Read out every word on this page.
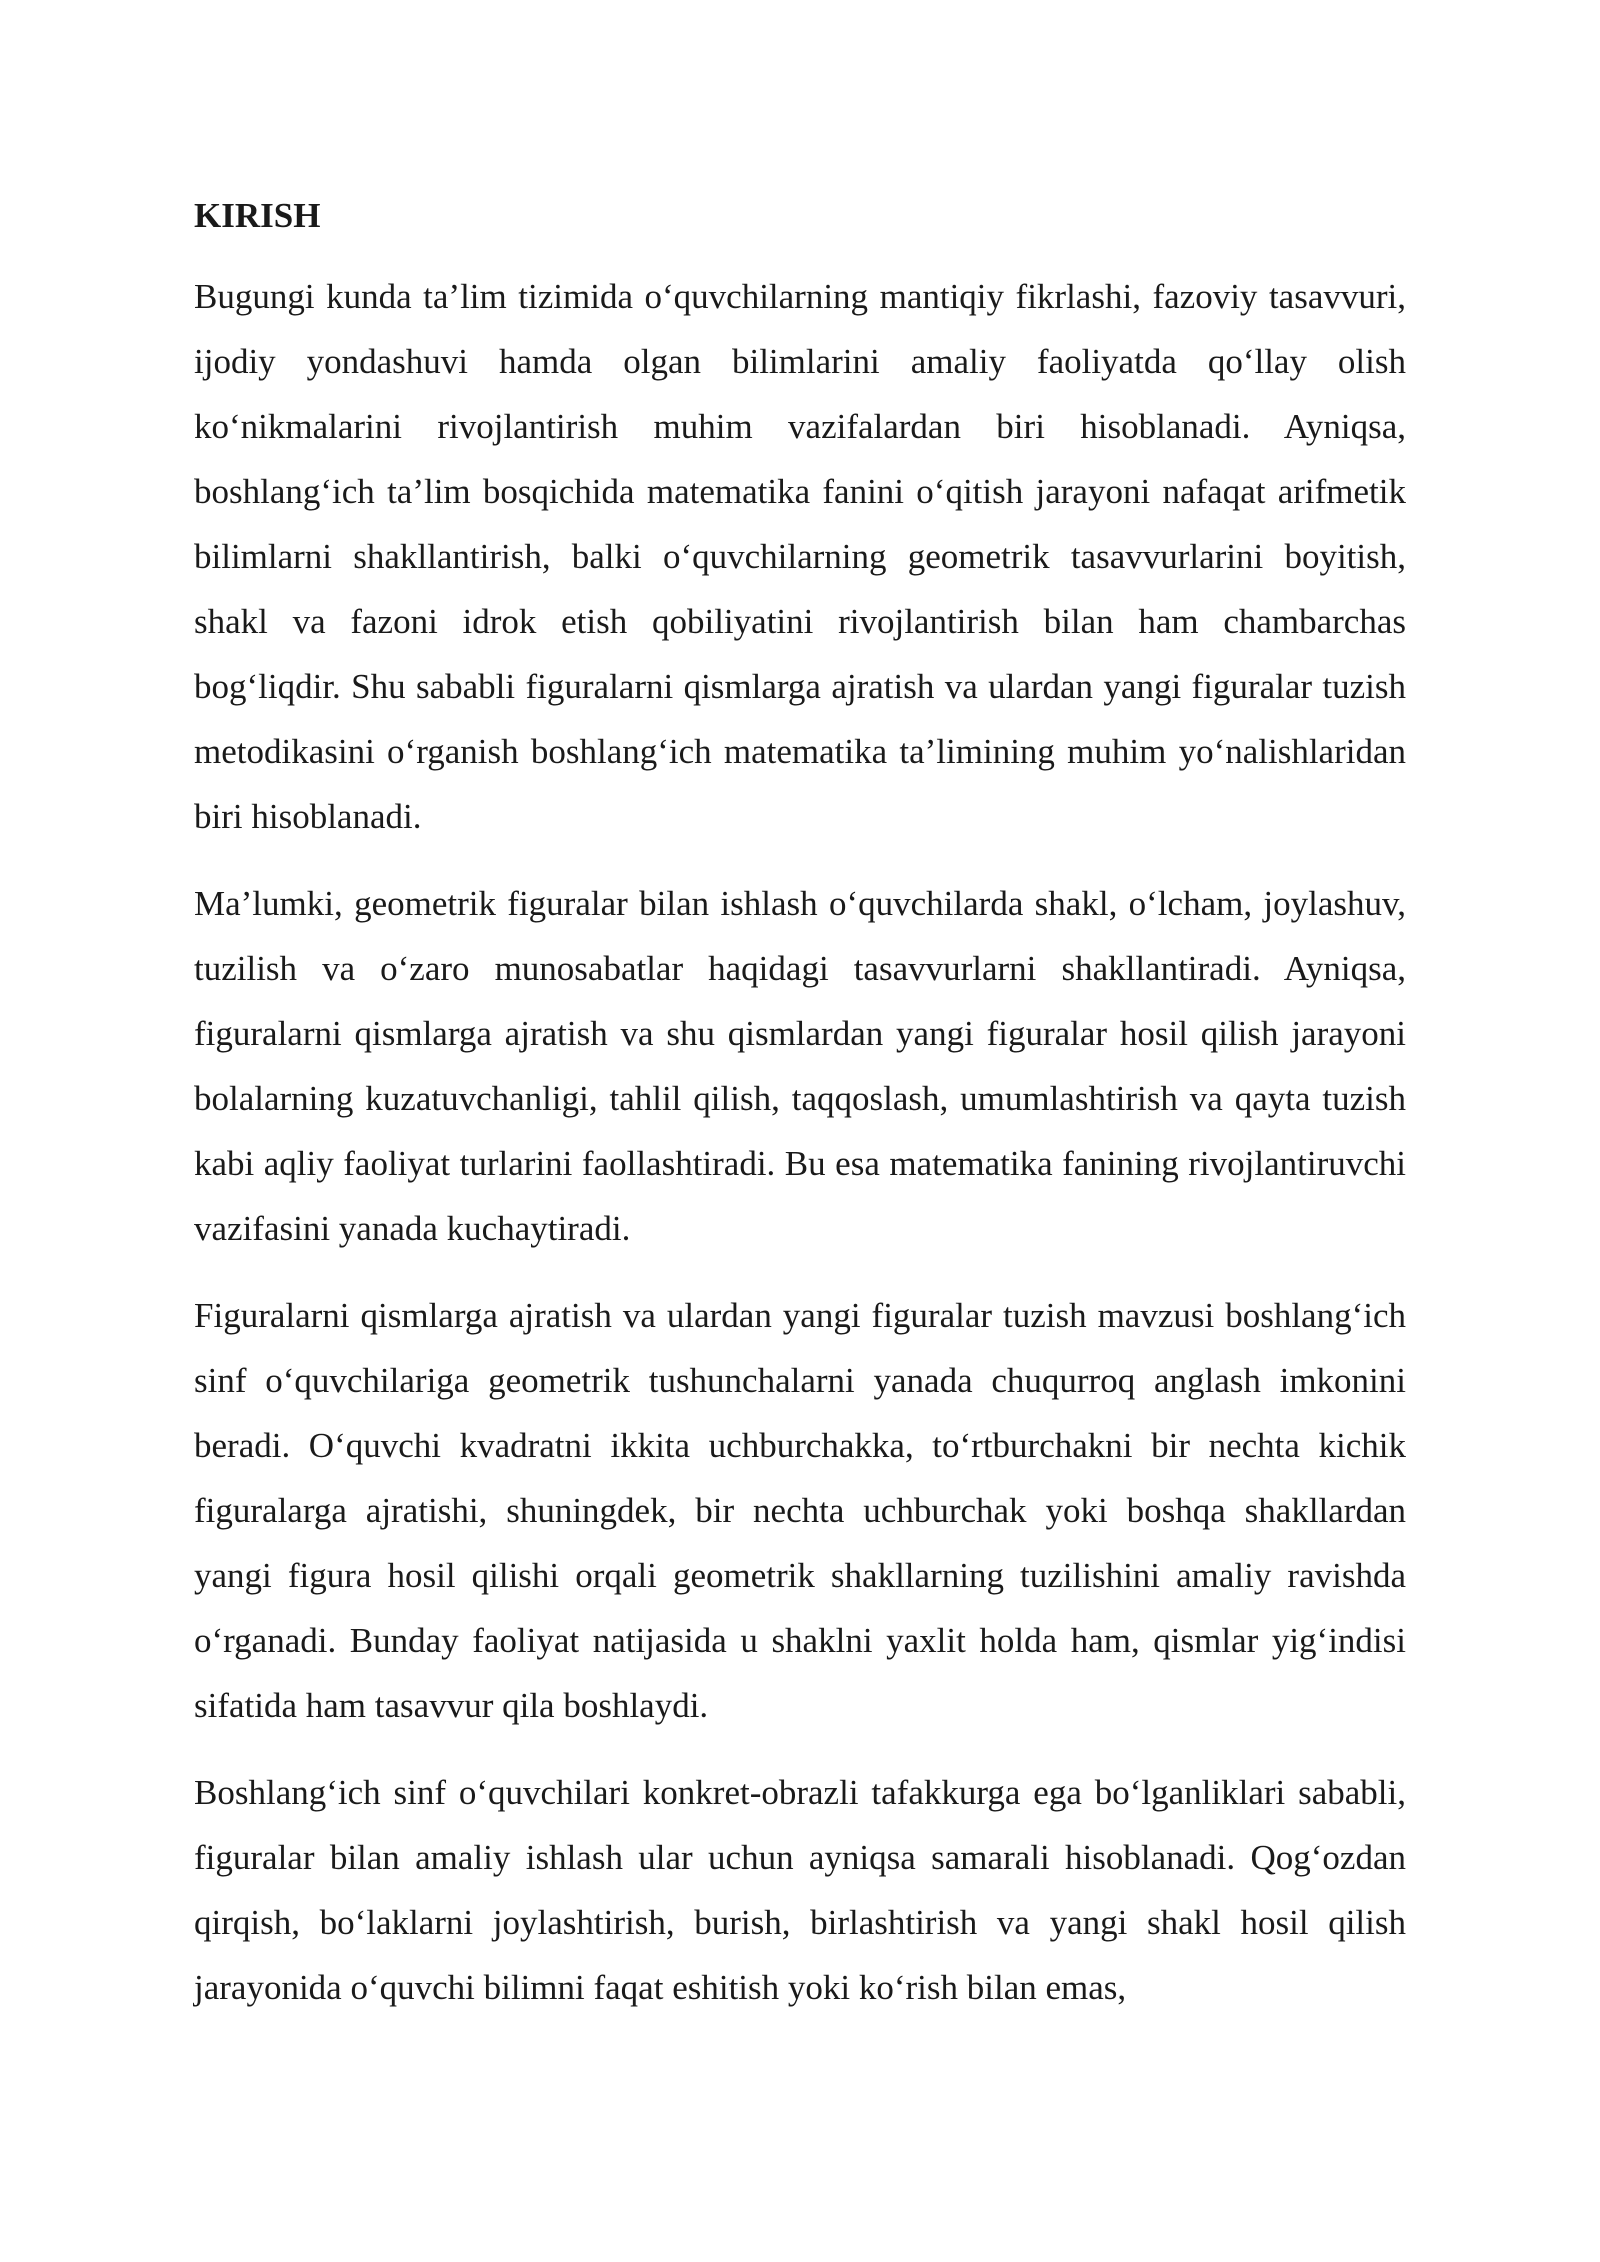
KIRISH

Bugungi kunda ta’lim tizimida o‘quvchilarning mantiqiy fikrlashi, fazoviy tasavvuri, ijodiy yondashuvi hamda olgan bilimlarini amaliy faoliyatda qo‘llay olish ko‘nikmalarini rivojlantirish muhim vazifalardan biri hisoblanadi. Ayniqsa, boshlang‘ich ta’lim bosqichida matematika fanini o‘qitish jarayoni nafaqat arifmetik bilimlarni shakllantirish, balki o‘quvchilarning geometrik tasavvurlarini boyitish, shakl va fazoni idrok etish qobiliyatini rivojlantirish bilan ham chambarchas bog‘liqdir. Shu sababli figuralarni qismlarga ajratish va ulardan yangi figuralar tuzish metodikasini o‘rganish boshlang‘ich matematika ta’limining muhim yo‘nalishlaridan biri hisoblanadi.

Ma’lumki, geometrik figuralar bilan ishlash o‘quvchilarda shakl, o‘lcham, joylashuv, tuzilish va o‘zaro munosabatlar haqidagi tasavvurlarni shakllantiradi. Ayniqsa, figuralarni qismlarga ajratish va shu qismlardan yangi figuralar hosil qilish jarayoni bolalarning kuzatuvchanligi, tahlil qilish, taqqoslash, umumlashtirish va qayta tuzish kabi aqliy faoliyat turlarini faollashtiradi. Bu esa matematika fanining rivojlantiruvchi vazifasini yanada kuchaytiradi.

Figuralarni qismlarga ajratish va ulardan yangi figuralar tuzish mavzusi boshlang‘ich sinf o‘quvchilariga geometrik tushunchalarni yanada chuqurroq anglash imkonini beradi. O‘quvchi kvadratni ikkita uchburchakka, to‘rtburchakni bir nechta kichik figuralarga ajratishi, shuningdek, bir nechta uchburchak yoki boshqa shakllardan yangi figura hosil qilishi orqali geometrik shakllarning tuzilishini amaliy ravishda o‘rganadi. Bunday faoliyat natijasida u shaklni yaxlit holda ham, qismlar yig‘indisi sifatida ham tasavvur qila boshlaydi.

Boshlang‘ich sinf o‘quvchilari konkret-obrazli tafakkurga ega bo‘lganliklari sababli, figuralar bilan amaliy ishlash ular uchun ayniqsa samarali hisoblanadi. Qog‘ozdan qirqish, bo‘laklarni joylashtirish, burish, birlashtirish va yangi shakl hosil qilish jarayonida o‘quvchi bilimni faqat eshitish yoki ko‘rish bilan emas,
